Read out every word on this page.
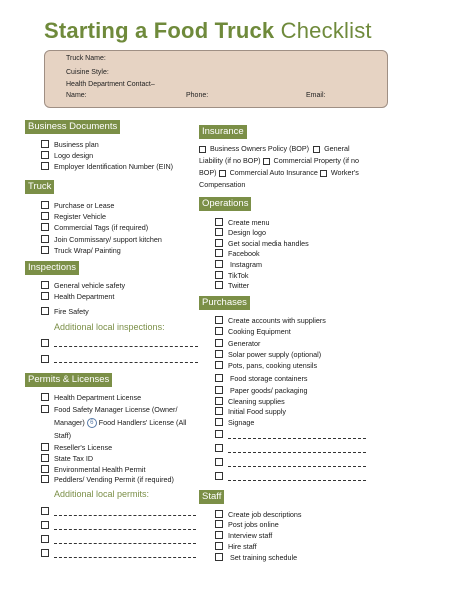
Starting a Food Truck Checklist
Truck Name:
Cuisine Style:
Health Department Contact–
Name:	Phone:	Email:
Business Documents
Business plan
Logo design
Employer Identification Number (EIN)
Truck
Purchase or Lease
Register Vehicle
Commercial Tags (if required)
Join Commissary/ support kitchen
Truck Wrap/ Painting
Inspections
General vehicle safety
Health Department
Fire Safety
Additional local inspections:
Permits & Licenses
Health Department License
Food Safety Manager License (Owner/
Manager) 6 Food Handlers' License (All
Staff)
Reseller's License
State Tax ID
Environmental Health Permit
Peddlers/ Vending Permit (if required)
Additional local permits:
Insurance
Business Owners Policy (BOP) General
Liability (if no BOP) Commercial Property (if no
BOP) Commercial Auto Insurance Worker's
Compensation
Operations
Create menu
Design logo
Get social media handles
Facebook
Instagram
TikTok
Twitter
Purchases
Create accounts with suppliers
Cooking Equipment
Generator
Solar power supply (optional)
Pots, pans, cooking utensils
Food storage containers
Paper goods/ packaging
Cleaning supplies
Initial Food supply
Signage
Staff
Create job descriptions
Post jobs online
Interview staff
Hire staff
Set training schedule
